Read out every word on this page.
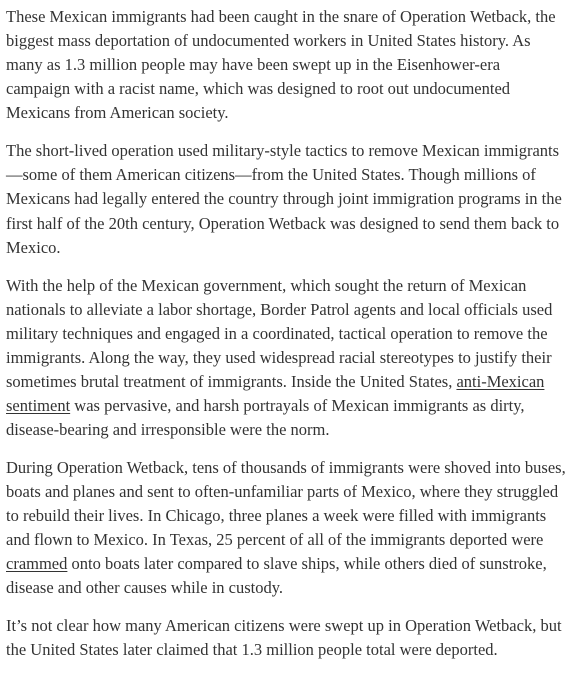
These Mexican immigrants had been caught in the snare of Operation Wetback, the biggest mass deportation of undocumented workers in United States history. As many as 1.3 million people may have been swept up in the Eisenhower-era campaign with a racist name, which was designed to root out undocumented Mexicans from American society.

The short-lived operation used military-style tactics to remove Mexican immigrants—some of them American citizens—from the United States. Though millions of Mexicans had legally entered the country through joint immigration programs in the first half of the 20th century, Operation Wetback was designed to send them back to Mexico.

With the help of the Mexican government, which sought the return of Mexican nationals to alleviate a labor shortage, Border Patrol agents and local officials used military techniques and engaged in a coordinated, tactical operation to remove the immigrants. Along the way, they used widespread racial stereotypes to justify their sometimes brutal treatment of immigrants. Inside the United States, anti-Mexican sentiment was pervasive, and harsh portrayals of Mexican immigrants as dirty, disease-bearing and irresponsible were the norm.

During Operation Wetback, tens of thousands of immigrants were shoved into buses, boats and planes and sent to often-unfamiliar parts of Mexico, where they struggled to rebuild their lives. In Chicago, three planes a week were filled with immigrants and flown to Mexico. In Texas, 25 percent of all of the immigrants deported were crammed onto boats later compared to slave ships, while others died of sunstroke, disease and other causes while in custody.

It’s not clear how many American citizens were swept up in Operation Wetback, but the United States later claimed that 1.3 million people total were deported.
